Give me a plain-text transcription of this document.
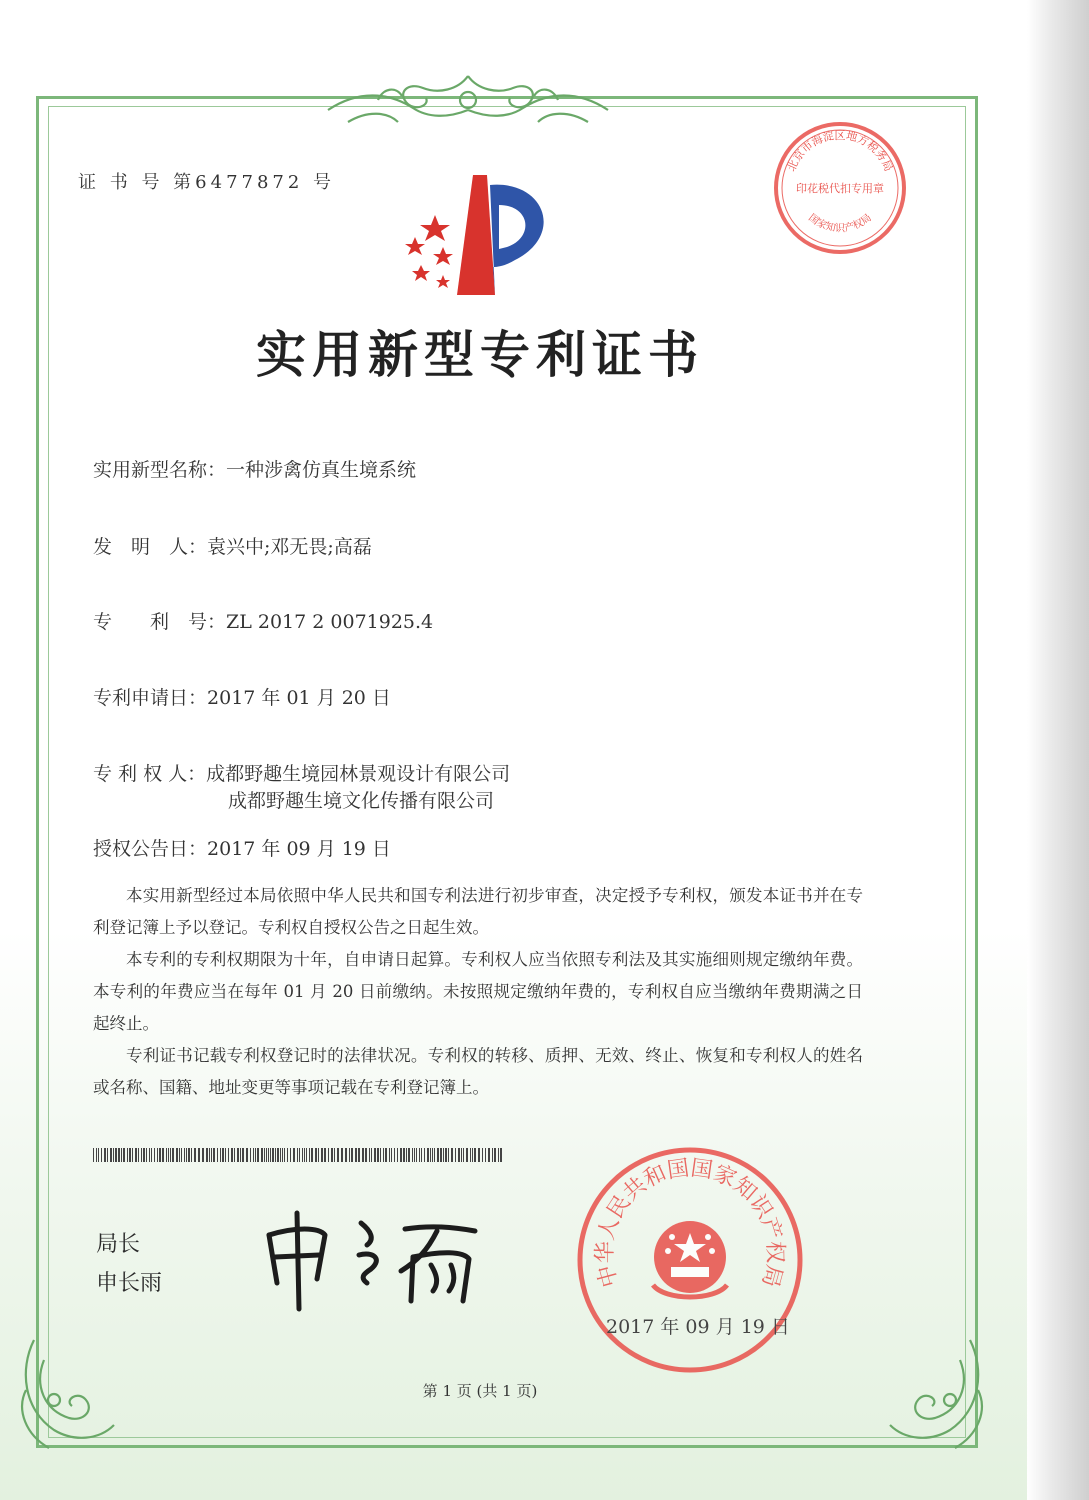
证 书 号 第6477872 号
实用新型专利证书
实用新型名称：一种涉禽仿真生境系统
发　明　人：袁兴中;邓无畏;高磊
专　　利　号：ZL 2017 2 0071925.4
专利申请日：2017 年 01 月 20 日
专 利 权 人：成都野趣生境园林景观设计有限公司
成都野趣生境文化传播有限公司
授权公告日：2017 年 09 月 19 日

本实用新型经过本局依照中华人民共和国专利法进行初步审查，决定授予专利权，颁发本证书并在专利登记簿上予以登记。专利权自授权公告之日起生效。

本专利的专利权期限为十年，自申请日起算。专利权人应当依照专利法及其实施细则规定缴纳年费。本专利的年费应当在每年 01 月 20 日前缴纳。未按照规定缴纳年费的，专利权自应当缴纳年费期满之日起终止。

专利证书记载专利权登记时的法律状况。专利权的转移、质押、无效、终止、恢复和专利权人的姓名或名称、国籍、地址变更等事项记载在专利登记簿上。

局长
申长雨	中华人民共和国国家知识产权局
2017 年 09 月 19 日
北京市海淀区地方税务局
国家知识产权局
印花税代扣专用章
第 1 页 (共 1 页)
